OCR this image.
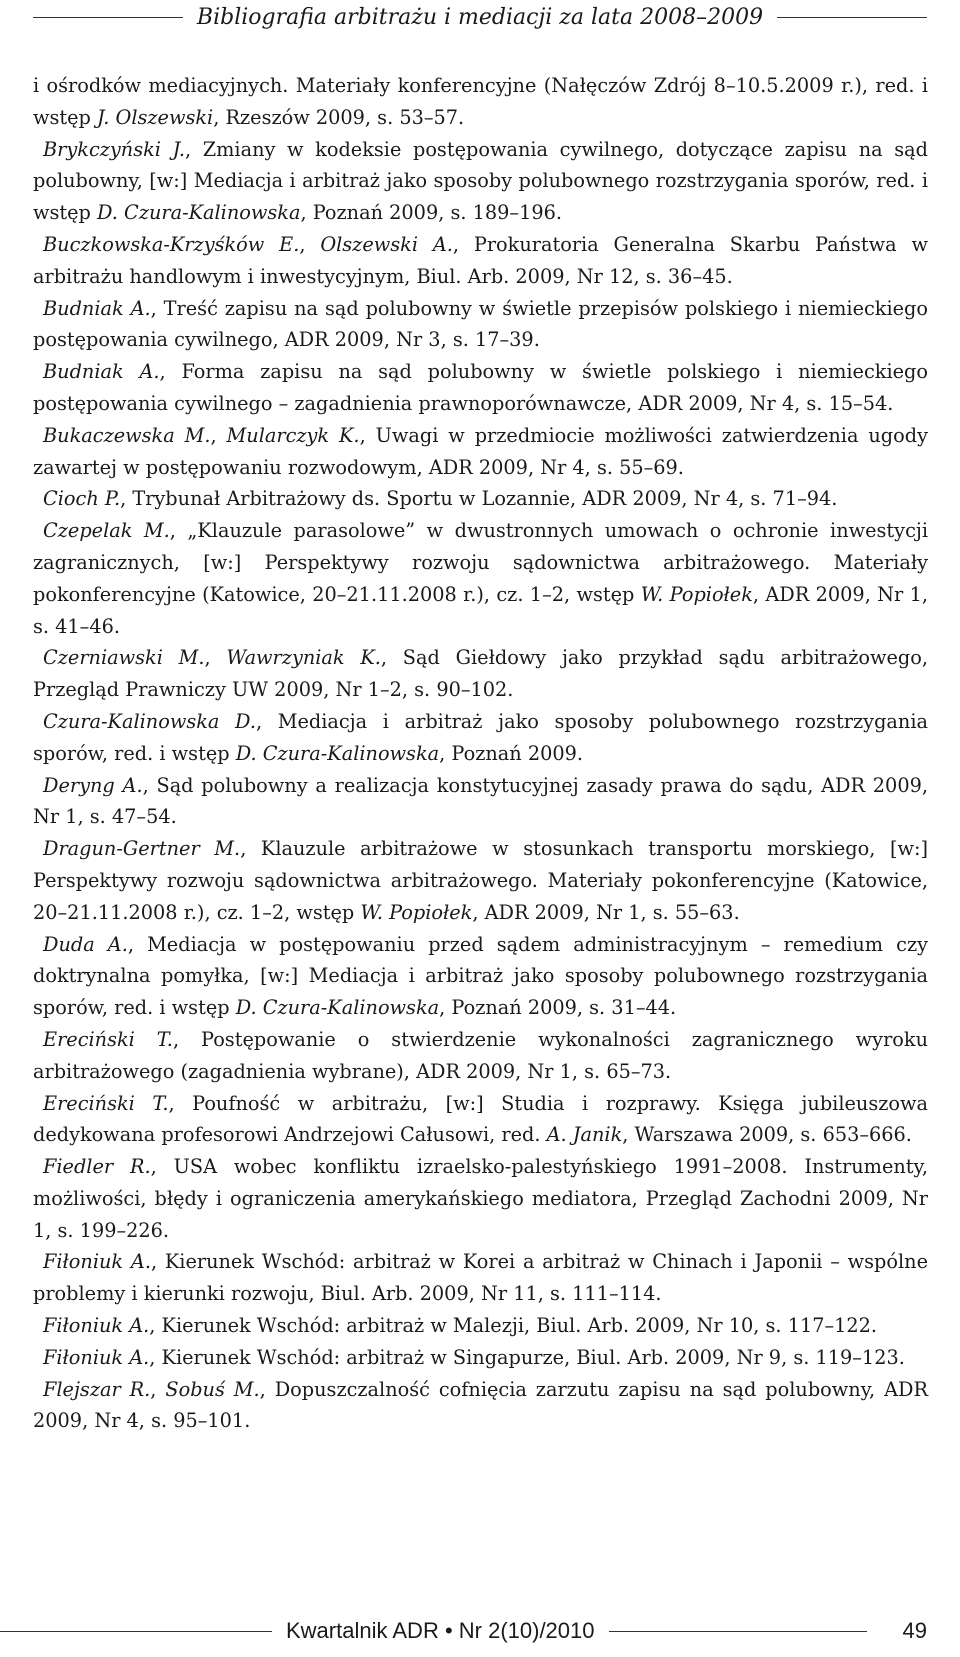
Bibliografia arbitrażu i mediacji za lata 2008–2009

i ośrodków mediacyjnych. Materiały konferencyjne (Nałęczów Zdrój 8–10.5.2009 r.), red. i wstęp J. Olszewski, Rzeszów 2009, s. 53–57.

Brykczyński J., Zmiany w kodeksie postępowania cywilnego, dotyczące zapisu na sąd polubowny, [w:] Mediacja i arbitraż jako sposoby polubownego rozstrzygania sporów, red. i wstęp D. Czura-Kalinowska, Poznań 2009, s. 189–196.

Buczkowska-Krzyśków E., Olszewski A., Prokuratoria Generalna Skarbu Państwa w arbitrażu handlowym i inwestycyjnym, Biul. Arb. 2009, Nr 12, s. 36–45.

Budniak A., Treść zapisu na sąd polubowny w świetle przepisów polskiego i niemieckiego postępowania cywilnego, ADR 2009, Nr 3, s. 17–39.

Budniak A., Forma zapisu na sąd polubowny w świetle polskiego i niemieckiego postępowania cywilnego – zagadnienia prawnoporównawcze, ADR 2009, Nr 4, s. 15–54.

Bukaczewska M., Mularczyk K., Uwagi w przedmiocie możliwości zatwierdzenia ugody zawartej w postępowaniu rozwodowym, ADR 2009, Nr 4, s. 55–69.

Cioch P., Trybunał Arbitrażowy ds. Sportu w Lozannie, ADR 2009, Nr 4, s. 71–94.

Czepelak M., „Klauzule parasolowe” w dwustronnych umowach o ochronie inwestycji zagranicznych, [w:] Perspektywy rozwoju sądownictwa arbitrażowego. Materiały pokonferencyjne (Katowice, 20–21.11.2008 r.), cz. 1–2, wstęp W. Popiołek, ADR 2009, Nr 1, s. 41–46.

Czerniawski M., Wawrzyniak K., Sąd Giełdowy jako przykład sądu arbitrażowego, Przegląd Prawniczy UW 2009, Nr 1–2, s. 90–102.

Czura-Kalinowska D., Mediacja i arbitraż jako sposoby polubownego rozstrzygania sporów, red. i wstęp D. Czura-Kalinowska, Poznań 2009.

Deryng A., Sąd polubowny a realizacja konstytucyjnej zasady prawa do sądu, ADR 2009, Nr 1, s. 47–54.

Dragun-Gertner M., Klauzule arbitrażowe w stosunkach transportu morskiego, [w:] Perspektywy rozwoju sądownictwa arbitrażowego. Materiały pokonferencyjne (Katowice, 20–21.11.2008 r.), cz. 1–2, wstęp W. Popiołek, ADR 2009, Nr 1, s. 55–63.

Duda A., Mediacja w postępowaniu przed sądem administracyjnym – remedium czy doktrynalna pomyłka, [w:] Mediacja i arbitraż jako sposoby polubownego rozstrzygania sporów, red. i wstęp D. Czura-Kalinowska, Poznań 2009, s. 31–44.

Ereciński T., Postępowanie o stwierdzenie wykonalności zagranicznego wyroku arbitrażowego (zagadnienia wybrane), ADR 2009, Nr 1, s. 65–73.

Ereciński T., Poufność w arbitrażu, [w:] Studia i rozprawy. Księga jubileuszowa dedykowana profesorowi Andrzejowi Całusowi, red. A. Janik, Warszawa 2009, s. 653–666.

Fiedler R., USA wobec konfliktu izraelsko-palestyńskiego 1991–2008. Instrumenty, możliwości, błędy i ograniczenia amerykańskiego mediatora, Przegląd Zachodni 2009, Nr 1, s. 199–226.

Fiłoniuk A., Kierunek Wschód: arbitraż w Korei a arbitraż w Chinach i Japonii – wspólne problemy i kierunki rozwoju, Biul. Arb. 2009, Nr 11, s. 111–114.

Fiłoniuk A., Kierunek Wschód: arbitraż w Malezji, Biul. Arb. 2009, Nr 10, s. 117–122.

Fiłoniuk A., Kierunek Wschód: arbitraż w Singapurze, Biul. Arb. 2009, Nr 9, s. 119–123.

Flejszar R., Sobuś M., Dopuszczalność cofnięcia zarzutu zapisu na sąd polubowny, ADR 2009, Nr 4, s. 95–101.

Kwartalnik ADR • Nr 2(10)/2010	49
